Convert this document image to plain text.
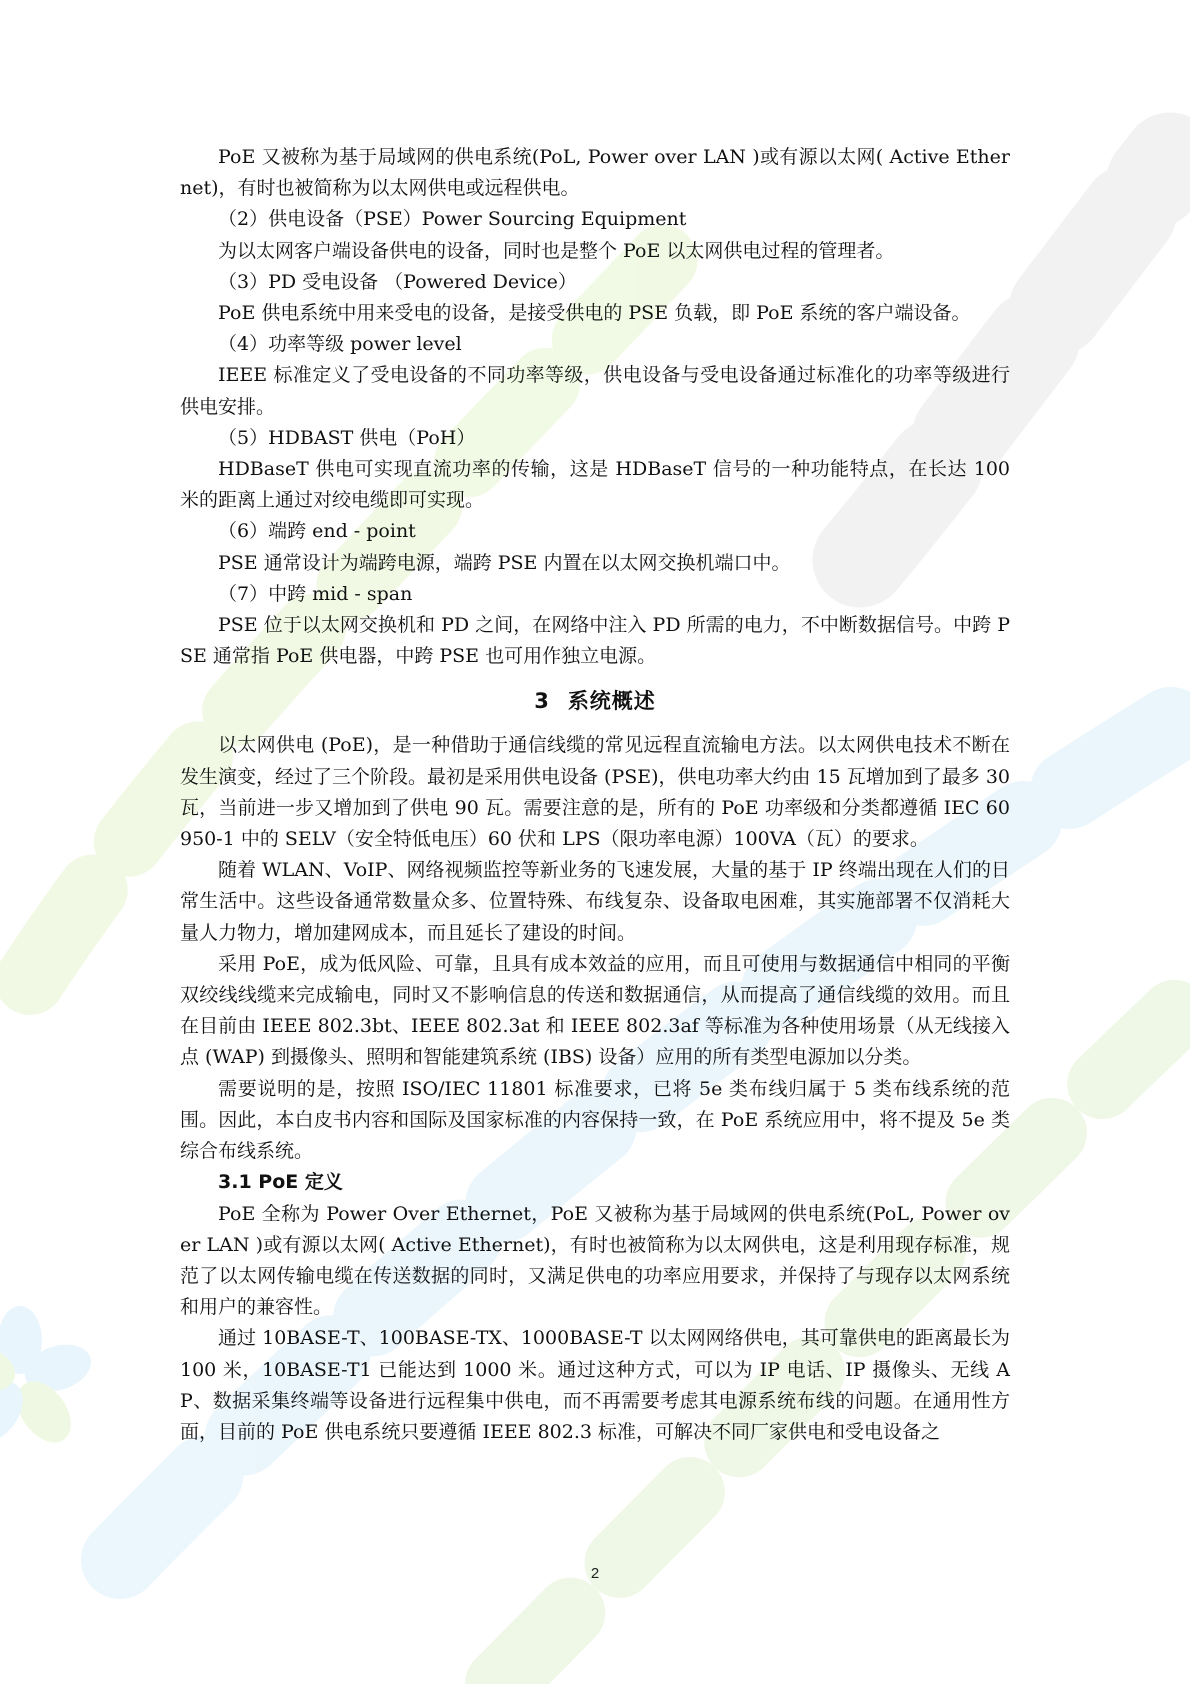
PoE 又被称为基于局域网的供电系统(PoL, Power over LAN )或有源以太网( Active Ethernet)，有时也被简称为以太网供电或远程供电。

（2）供电设备（PSE）Power Sourcing Equipment

为以太网客户端设备供电的设备，同时也是整个 PoE 以太网供电过程的管理者。

（3）PD 受电设备 （Powered Device）

PoE 供电系统中用来受电的设备，是接受供电的 PSE 负载，即 PoE 系统的客户端设备。

（4）功率等级 power level

IEEE 标准定义了受电设备的不同功率等级，供电设备与受电设备通过标准化的功率等级进行供电安排。

（5）HDBAST 供电（PoH）

HDBaseT 供电可实现直流功率的传输，这是 HDBaseT 信号的一种功能特点，在长达 100 米的距离上通过对绞电缆即可实现。

（6）端跨 end - point

PSE 通常设计为端跨电源，端跨 PSE 内置在以太网交换机端口中。

（7）中跨 mid - span

PSE 位于以太网交换机和 PD 之间，在网络中注入 PD 所需的电力，不中断数据信号。中跨 PSE 通常指 PoE 供电器，中跨 PSE 也可用作独立电源。

3 系统概述

以太网供电 (PoE)，是一种借助于通信线缆的常见远程直流输电方法。以太网供电技术不断在发生演变，经过了三个阶段。最初是采用供电设备 (PSE)，供电功率大约由 15 瓦增加到了最多 30 瓦，当前进一步又增加到了供电 90 瓦。需要注意的是，所有的 PoE 功率级和分类都遵循 IEC 60950-1 中的 SELV（安全特低电压）60 伏和 LPS（限功率电源）100VA（瓦）的要求。

随着 WLAN、VoIP、网络视频监控等新业务的飞速发展，大量的基于 IP 终端出现在人们的日常生活中。这些设备通常数量众多、位置特殊、布线复杂、设备取电困难，其实施部署不仅消耗大量人力物力，增加建网成本，而且延长了建设的时间。

采用 PoE，成为低风险、可靠，且具有成本效益的应用，而且可使用与数据通信中相同的平衡双绞线线缆来完成输电，同时又不影响信息的传送和数据通信，从而提高了通信线缆的效用。而且在目前由 IEEE 802.3bt、IEEE 802.3at 和 IEEE 802.3af 等标准为各种使用场景（从无线接入点 (WAP) 到摄像头、照明和智能建筑系统 (IBS) 设备）应用的所有类型电源加以分类。

需要说明的是，按照 ISO/IEC 11801 标准要求，已将 5e 类布线归属于 5 类布线系统的范围。因此，本白皮书内容和国际及国家标准的内容保持一致，在 PoE 系统应用中，将不提及 5e 类综合布线系统。

3.1 PoE 定义

PoE 全称为 Power Over Ethernet，PoE 又被称为基于局域网的供电系统(PoL, Power over LAN )或有源以太网( Active Ethernet)，有时也被简称为以太网供电，这是利用现存标准，规范了以太网传输电缆在传送数据的同时，又满足供电的功率应用要求，并保持了与现存以太网系统和用户的兼容性。

通过 10BASE-T、100BASE-TX、1000BASE-T 以太网网络供电，其可靠供电的距离最长为 100 米，10BASE-T1 已能达到 1000 米。通过这种方式，可以为 IP 电话、IP 摄像头、无线 AP、数据采集终端等设备进行远程集中供电，而不再需要考虑其电源系统布线的问题。在通用性方面，目前的 PoE 供电系统只要遵循 IEEE 802.3 标准，可解决不同厂家供电和受电设备之

2
